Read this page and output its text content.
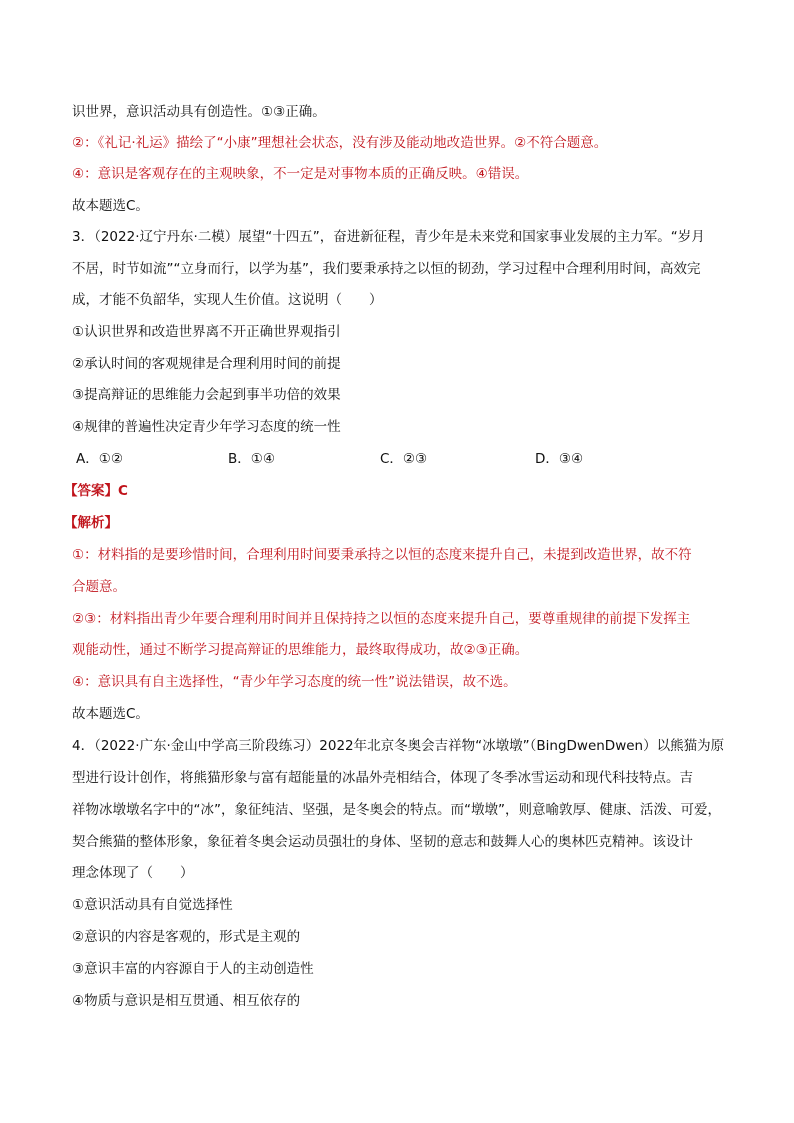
识世界，意识活动具有创造性。①③正确。
②：《礼记·礼运》描绘了“小康”理想社会状态，没有涉及能动地改造世界。②不符合题意。
④：意识是客观存在的主观映象，不一定是对事物本质的正确反映。④错误。
故本题选C。
3．（2022·辽宁丹东·二模）展望“十四五”，奋进新征程，青少年是未来党和国家事业发展的主力军。“岁月
不居，时节如流”“立身而行，以学为基”，我们要秉承持之以恒的韧劲，学习过程中合理利用时间，高效完
成，才能不负韶华，实现人生价值。这说明（　　）
①认识世界和改造世界离不开正确世界观指引
②承认时间的客观规律是合理利用时间的前提
③提高辩证的思维能力会起到事半功倍的效果
④规律的普遍性决定青少年学习态度的统一性
A．①②	B．①④	C．②③	D．③④
【答案】C
【解析】
①：材料指的是要珍惜时间，合理利用时间要秉承持之以恒的态度来提升自己，未提到改造世界，故不符
合题意。
②③：材料指出青少年要合理利用时间并且保持持之以恒的态度来提升自己，要尊重规律的前提下发挥主
观能动性，通过不断学习提高辩证的思维能力，最终取得成功，故②③正确。
④：意识具有自主选择性，“青少年学习态度的统一性”说法错误，故不选。
故本题选C。
4．（2022·广东·金山中学高三阶段练习）2022年北京冬奥会吉祥物“冰墩墩”（BingDwenDwen）以熊猫为原
型进行设计创作，将熊猫形象与富有超能量的冰晶外壳相结合，体现了冬季冰雪运动和现代科技特点。吉
祥物冰墩墩名字中的“冰”，象征纯洁、坚强，是冬奥会的特点。而“墩墩”，则意喻敦厚、健康、活泼、可爱，
契合熊猫的整体形象，象征着冬奥会运动员强壮的身体、坚韧的意志和鼓舞人心的奥林匹克精神。该设计
理念体现了（　　）
①意识活动具有自觉选择性
②意识的内容是客观的，形式是主观的
③意识丰富的内容源自于人的主动创造性
④物质与意识是相互贯通、相互依存的
